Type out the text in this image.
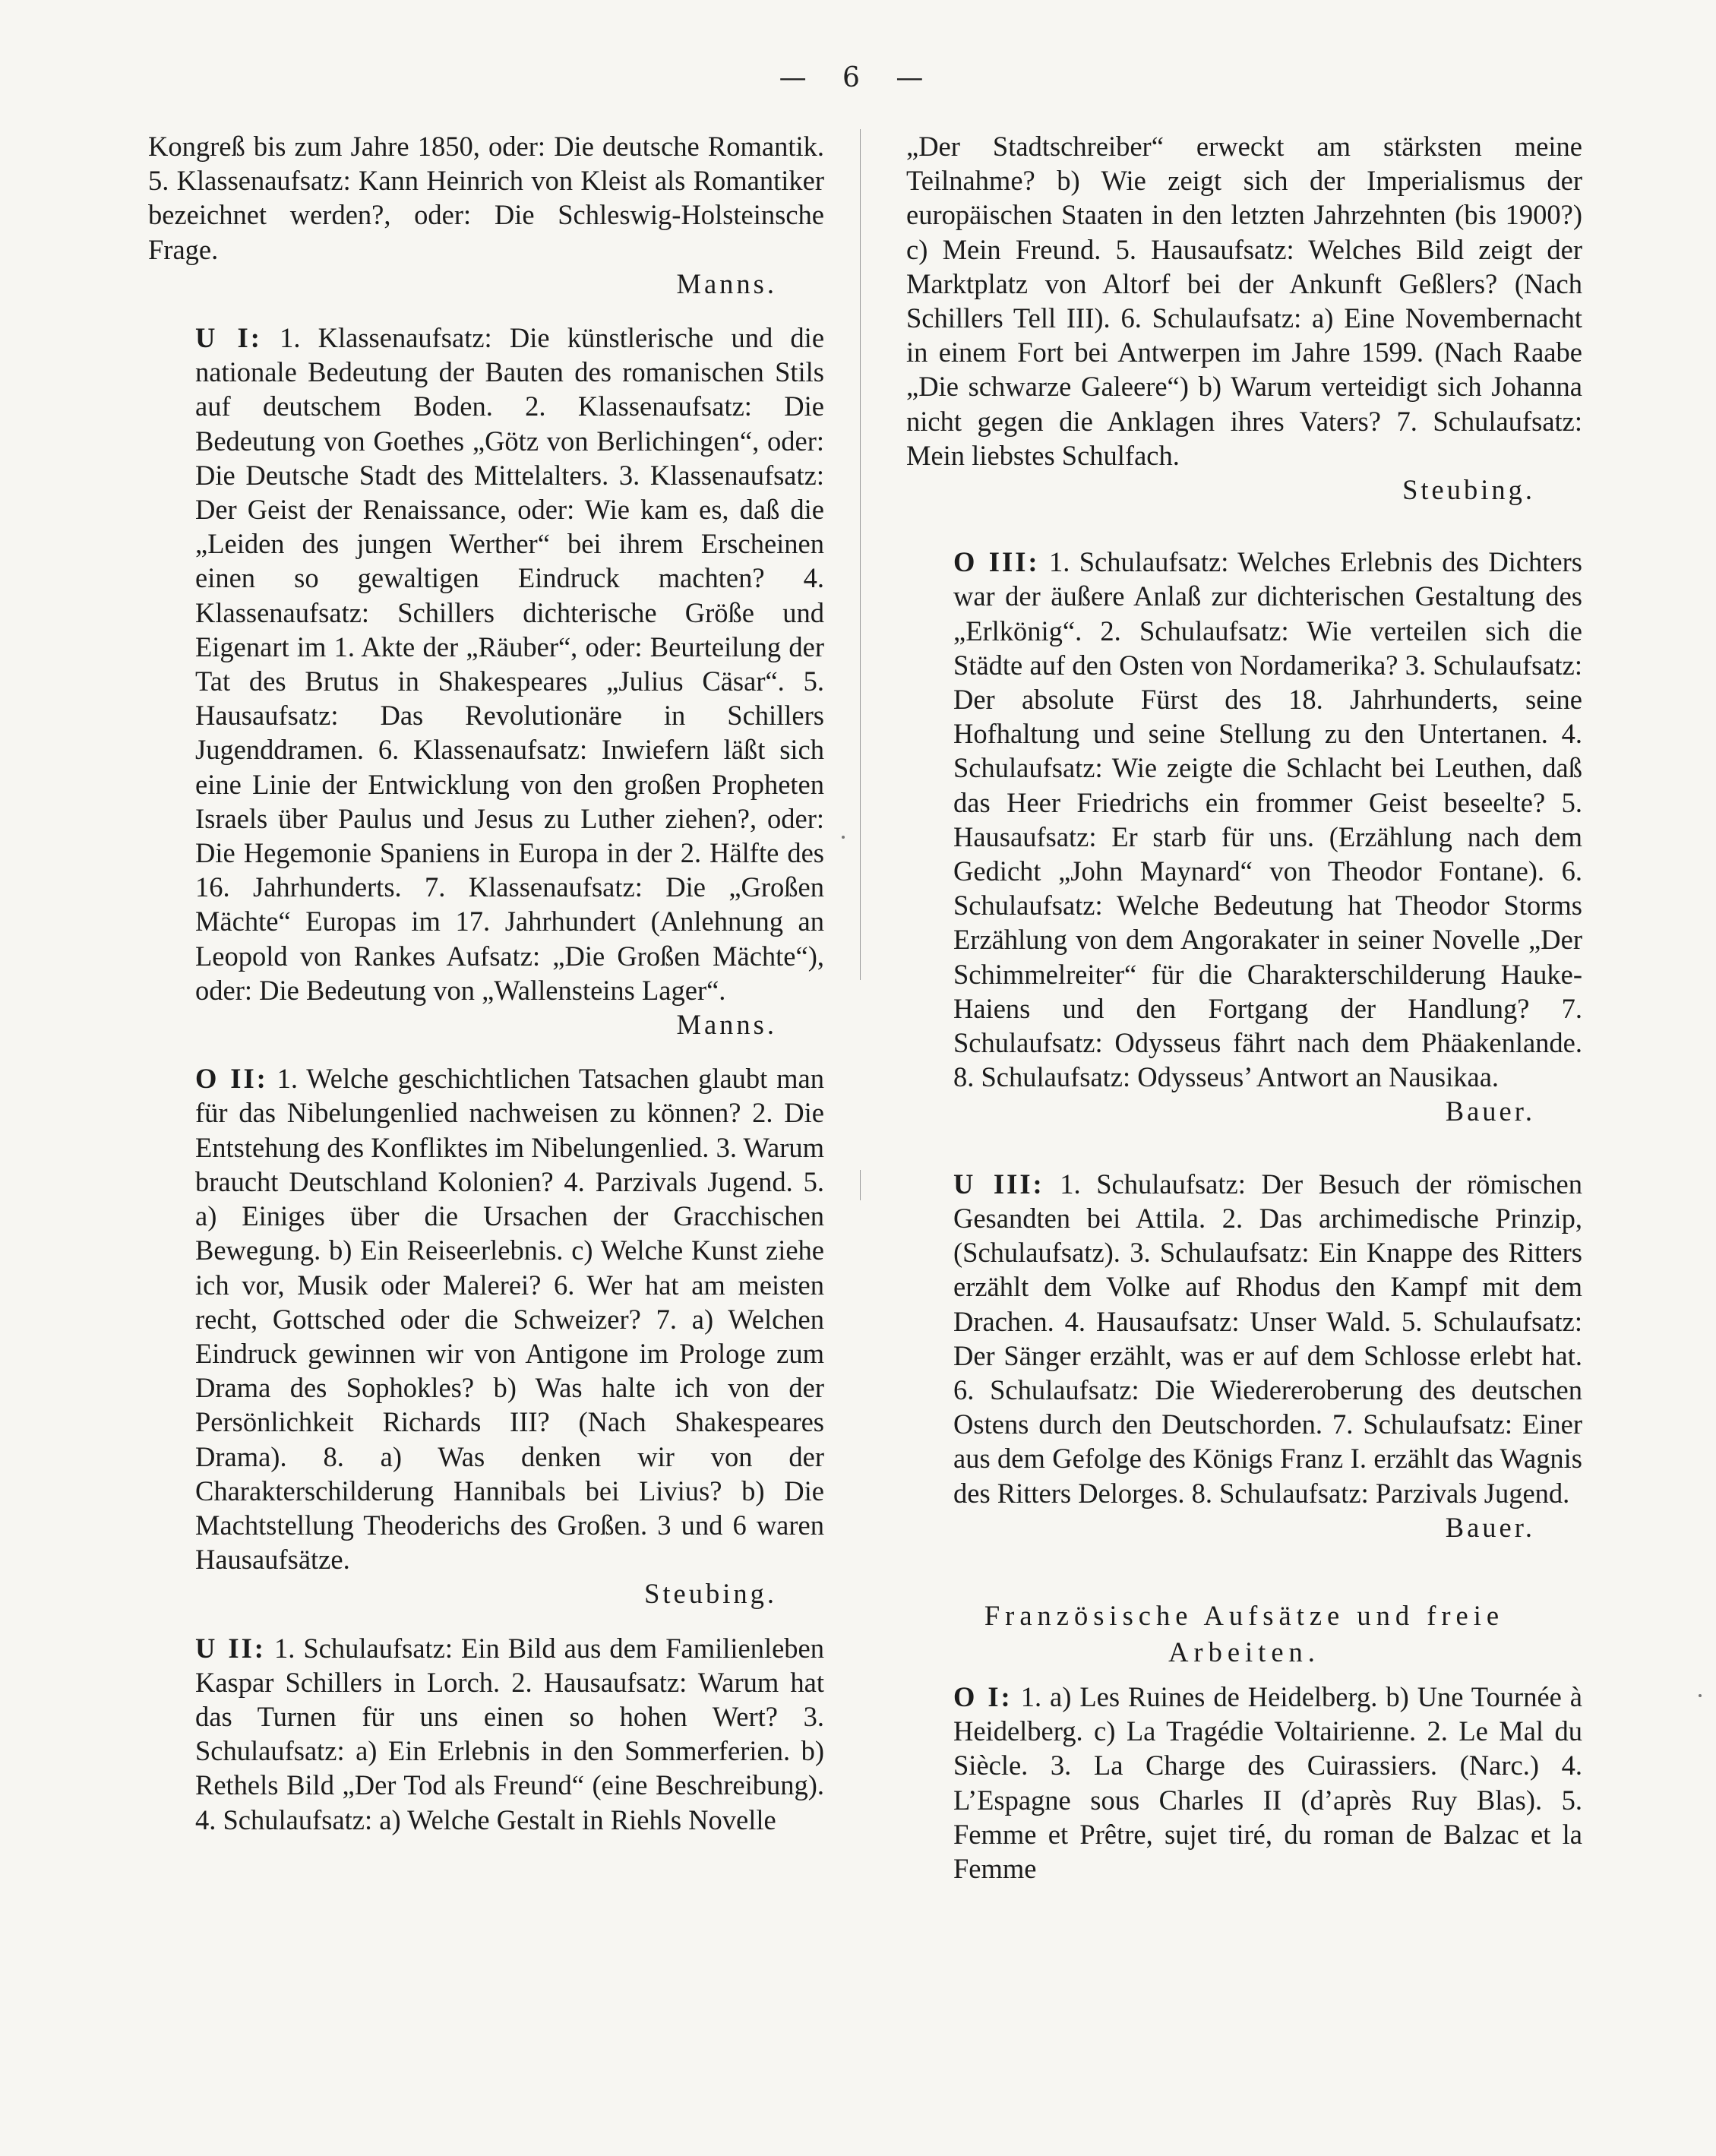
— 6 —

Kongreß bis zum Jahre 1850, oder: Die deutsche Romantik. 5. Klassenaufsatz: Kann Heinrich von Kleist als Romantiker bezeichnet werden?, oder: Die Schleswig-Holsteinsche Frage.
Manns.

U I: 1. Klassenaufsatz: Die künstlerische und die nationale Bedeutung der Bauten des romanischen Stils auf deutschem Boden. 2. Klassenaufsatz: Die Bedeutung von Goethes „Götz von Berlichingen“, oder: Die Deutsche Stadt des Mittelalters. 3. Klassenaufsatz: Der Geist der Renaissance, oder: Wie kam es, daß die „Leiden des jungen Werther“ bei ihrem Erscheinen einen so gewaltigen Eindruck machten? 4. Klassenaufsatz: Schillers dichterische Größe und Eigenart im 1. Akte der „Räuber“, oder: Beurteilung der Tat des Brutus in Shakespeares „Julius Cäsar“. 5. Hausaufsatz: Das Revolutionäre in Schillers Jugenddramen. 6. Klassenaufsatz: Inwiefern läßt sich eine Linie der Entwicklung von den großen Propheten Israels über Paulus und Jesus zu Luther ziehen?, oder: Die Hegemonie Spaniens in Europa in der 2. Hälfte des 16. Jahrhunderts. 7. Klassenaufsatz: Die „Großen Mächte“ Europas im 17. Jahrhundert (Anlehnung an Leopold von Rankes Aufsatz: „Die Großen Mächte“), oder: Die Bedeutung von „Wallensteins Lager“.
Manns.

O II: 1. Welche geschichtlichen Tatsachen glaubt man für das Nibelungenlied nachweisen zu können? 2. Die Entstehung des Konfliktes im Nibelungenlied. 3. Warum braucht Deutschland Kolonien? 4. Parzivals Jugend. 5. a) Einiges über die Ursachen der Gracchischen Bewegung. b) Ein Reiseerlebnis. c) Welche Kunst ziehe ich vor, Musik oder Malerei? 6. Wer hat am meisten recht, Gottsched oder die Schweizer? 7. a) Welchen Eindruck gewinnen wir von Antigone im Prologe zum Drama des Sophokles? b) Was halte ich von der Persönlichkeit Richards III? (Nach Shakespeares Drama). 8. a) Was denken wir von der Charakterschilderung Hannibals bei Livius? b) Die Machtstellung Theoderichs des Großen. 3 und 6 waren Hausaufsätze.
Steubing.

U II: 1. Schulaufsatz: Ein Bild aus dem Familienleben Kaspar Schillers in Lorch. 2. Hausaufsatz: Warum hat das Turnen für uns einen so hohen Wert? 3. Schulaufsatz: a) Ein Erlebnis in den Sommerferien. b) Rethels Bild „Der Tod als Freund“ (eine Beschreibung). 4. Schulaufsatz: a) Welche Gestalt in Riehls Novelle

„Der Stadtschreiber“ erweckt am stärksten meine Teilnahme? b) Wie zeigt sich der Imperialismus der europäischen Staaten in den letzten Jahrzehnten (bis 1900?) c) Mein Freund. 5. Hausaufsatz: Welches Bild zeigt der Marktplatz von Altorf bei der Ankunft Geßlers? (Nach Schillers Tell III). 6. Schulaufsatz: a) Eine Novembernacht in einem Fort bei Antwerpen im Jahre 1599. (Nach Raabe „Die schwarze Galeere“) b) Warum verteidigt sich Johanna nicht gegen die Anklagen ihres Vaters? 7. Schulaufsatz: Mein liebstes Schulfach.
Steubing.

O III: 1. Schulaufsatz: Welches Erlebnis des Dichters war der äußere Anlaß zur dichterischen Gestaltung des „Erlkönig“. 2. Schulaufsatz: Wie verteilen sich die Städte auf den Osten von Nordamerika? 3. Schulaufsatz: Der absolute Fürst des 18. Jahrhunderts, seine Hofhaltung und seine Stellung zu den Untertanen. 4. Schulaufsatz: Wie zeigte die Schlacht bei Leuthen, daß das Heer Friedrichs ein frommer Geist beseelte? 5. Hausaufsatz: Er starb für uns. (Erzählung nach dem Gedicht „John Maynard“ von Theodor Fontane). 6. Schulaufsatz: Welche Bedeutung hat Theodor Storms Erzählung von dem Angorakater in seiner Novelle „Der Schimmelreiter“ für die Charakterschilderung Hauke-Haiens und den Fortgang der Handlung? 7. Schulaufsatz: Odysseus fährt nach dem Phäakenlande. 8. Schulaufsatz: Odysseus’ Antwort an Nausikaa.
Bauer.

U III: 1. Schulaufsatz: Der Besuch der römischen Gesandten bei Attila. 2. Das archimedische Prinzip, (Schulaufsatz). 3. Schulaufsatz: Ein Knappe des Ritters erzählt dem Volke auf Rhodus den Kampf mit dem Drachen. 4. Hausaufsatz: Unser Wald. 5. Schulaufsatz: Der Sänger erzählt, was er auf dem Schlosse erlebt hat. 6. Schulaufsatz: Die Wiedereroberung des deutschen Ostens durch den Deutschorden. 7. Schulaufsatz: Einer aus dem Gefolge des Königs Franz I. erzählt das Wagnis des Ritters Delorges. 8. Schulaufsatz: Parzivals Jugend.
Bauer.

Französische Aufsätze und freie Arbeiten.

O I: 1. a) Les Ruines de Heidelberg. b) Une Tournée à Heidelberg. c) La Tragédie Voltairienne. 2. Le Mal du Siècle. 3. La Charge des Cuirassiers. (Narc.) 4. L’Espagne sous Charles II (d’après Ruy Blas). 5. Femme et Prêtre, sujet tiré, du roman de Balzac et la Femme
